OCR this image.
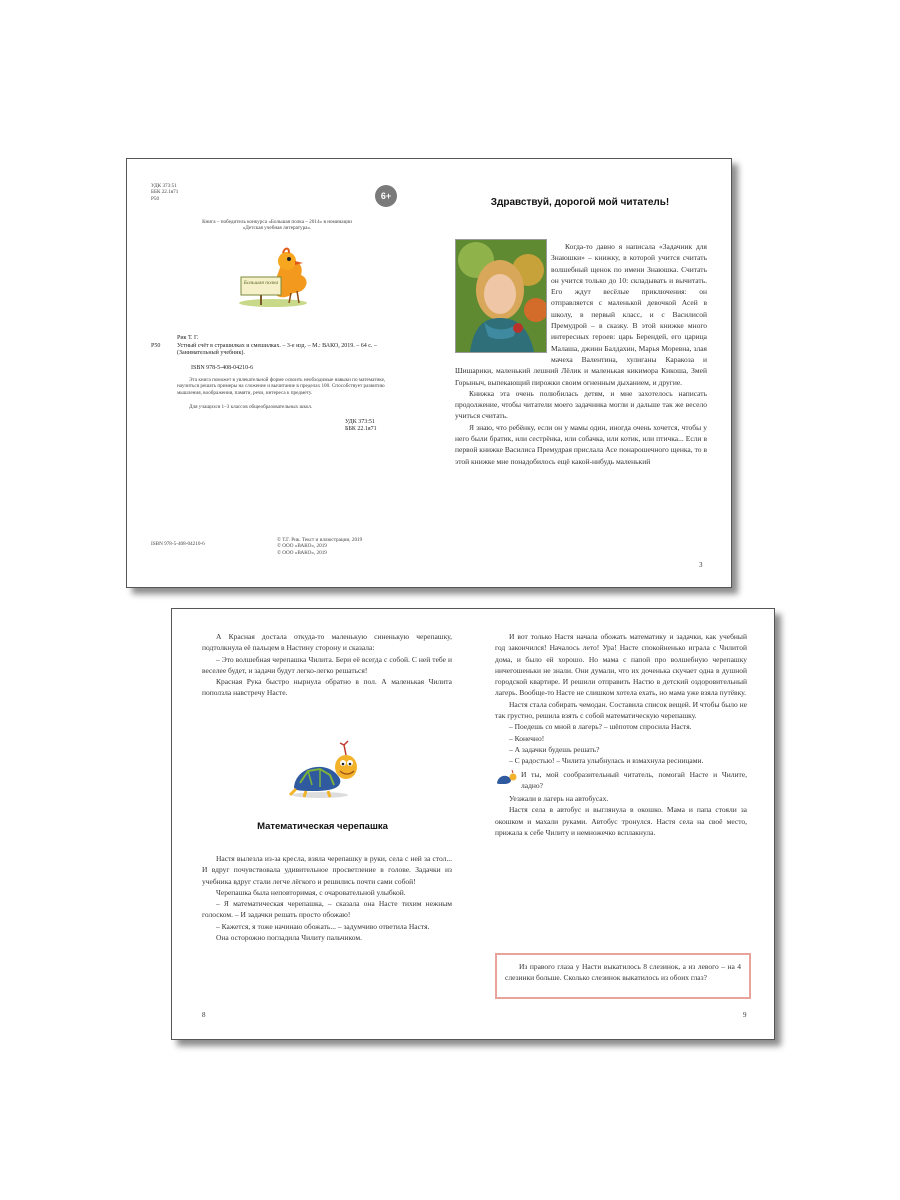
УДК 373:51
ББК 22.1я71
Р50	6+
Книга – победитель конкурса «Большая полка – 2014» в номинации «Детская учебная литература».
Большая полка
Рик Т. Г.
Р50	Устный счёт в страшилках и смешилках. – 3-е изд. – М.: ВАКО, 2019. – 64 с. – (Занимательный учебник).
ISBN 978-5-408-04210-6
Эта книга поможет в увлекательной форме освоить необходимые навыки по математике, научиться решать примеры на сложение и вычитание в пределах 100. Способствует развитию мышления, воображения, памяти, речи, интереса к предмету.
Для учащихся 1–3 классов общеобразовательных школ.
УДК 373:51
ББК 22.1я71
ISBN 978-5-408-04210-6
© Т.Г. Рик. Текст и иллюстрации, 2019
© ООО «ВАКО», 2019
© ООО «ВАКО», 2019
Здравствуй, дорогой мой читатель!

Когда-то давно я написала «Задачник для Знаюшки» – книжку, в которой учится считать волшебный щенок по имени Знаюшка. Считать он учится только до 10: складывать и вычитать. Его ждут весёлые приключения: он отправляется с маленькой девочкой Асей в школу, в первый класс, и с Василисой Премудрой – в сказку. В этой книжке много интересных героев: царь Берендей, его царица Малаша, джинн Балдахин, Марья Моревна, злая мачеха Валентина, хулиганы Каракоза и Шишарики, маленький лешний Лёлик и маленькая кикимора Кикоша, Змей Горыныч, выпекающий пирожки своим огненным дыханием, и другие.

Книжка эта очень полюбилась детям, и мне захотелось написать продолжение, чтобы читатели моего задачника могли и дальше так же весело учиться считать.

Я знаю, что ребёнку, если он у мамы один, иногда очень хочется, чтобы у него были братик, или сестрёнка, или собачка, или котик, или птичка... Если в первой книжке Василиса Премудрая прислала Асе понарошечного щенка, то в этой книжке мне понадобилось ещё какой-нибудь маленький

3

А Красная достала откуда-то маленькую синенькую черепашку, подтолкнула её пальцем в Настину сторону и сказала:

– Это волшебная черепашка Чилита. Бери её всегда с собой. С ней тебе и веселее будет, и задачи будут легко-легко решаться!

Красная Рука быстро нырнула обратно в пол. А маленькая Чилита поползла навстречу Насте.

Математическая черепашка

Настя вылезла из-за кресла, взяла черепашку в руки, села с ней за стол... И вдруг почувствовала удивительное просветление в голове. Задачки из учебника вдруг стали легче лёгкого и решились почти сами собой!

Черепашка была неповторимая, с очаровательной улыбкой.

– Я математическая черепашка, – сказала она Насте тихим нежным голоском. – И задачки решать просто обожаю!

– Кажется, я тоже начинаю обожать... – задумчиво ответила Настя.

Она осторожно погладила Чилиту пальчиком.

8

И вот только Настя начала обожать математику и задачки, как учебный год закончился! Началось лето! Ура! Насте спокойненько играла с Чилитой дома, и было ей хорошо. Но мама с папой про волшебную черепашку ничегошеньки не знали. Они думали, что их доченька скучает одна в душной городской квартире. И решили отправить Настю в детский оздоровительный лагерь. Вообще-то Насте не слишком хотела ехать, но мама уже взяла путёвку.

Настя стала собирать чемодан. Составила список вещей. И чтобы было не так грустно, решила взять с собой математическую черепашку.

– Поедешь со мной в лагерь? – шёпотом спросила Настя.

– Конечно!

– А задачки будешь решать?

– С радостью! – Чилита улыбнулась и взмахнула ресницами.

И ты, мой сообразительный читатель, помогай Насте и Чилите, ладно?

Уезжали в лагерь на автобусах.

Настя села в автобус и выглянула в окошко. Мама и папа стояли за окошком и махали руками. Автобус тронулся. Настя села на своё место, прижала к себе Чилиту и немножечко всплакнула.

Из правого глаза у Насти выкатилось 8 слезинок, а из левого – на 4 слезинки больше. Сколько слезинок выкатилось из обоих глаз?

9
